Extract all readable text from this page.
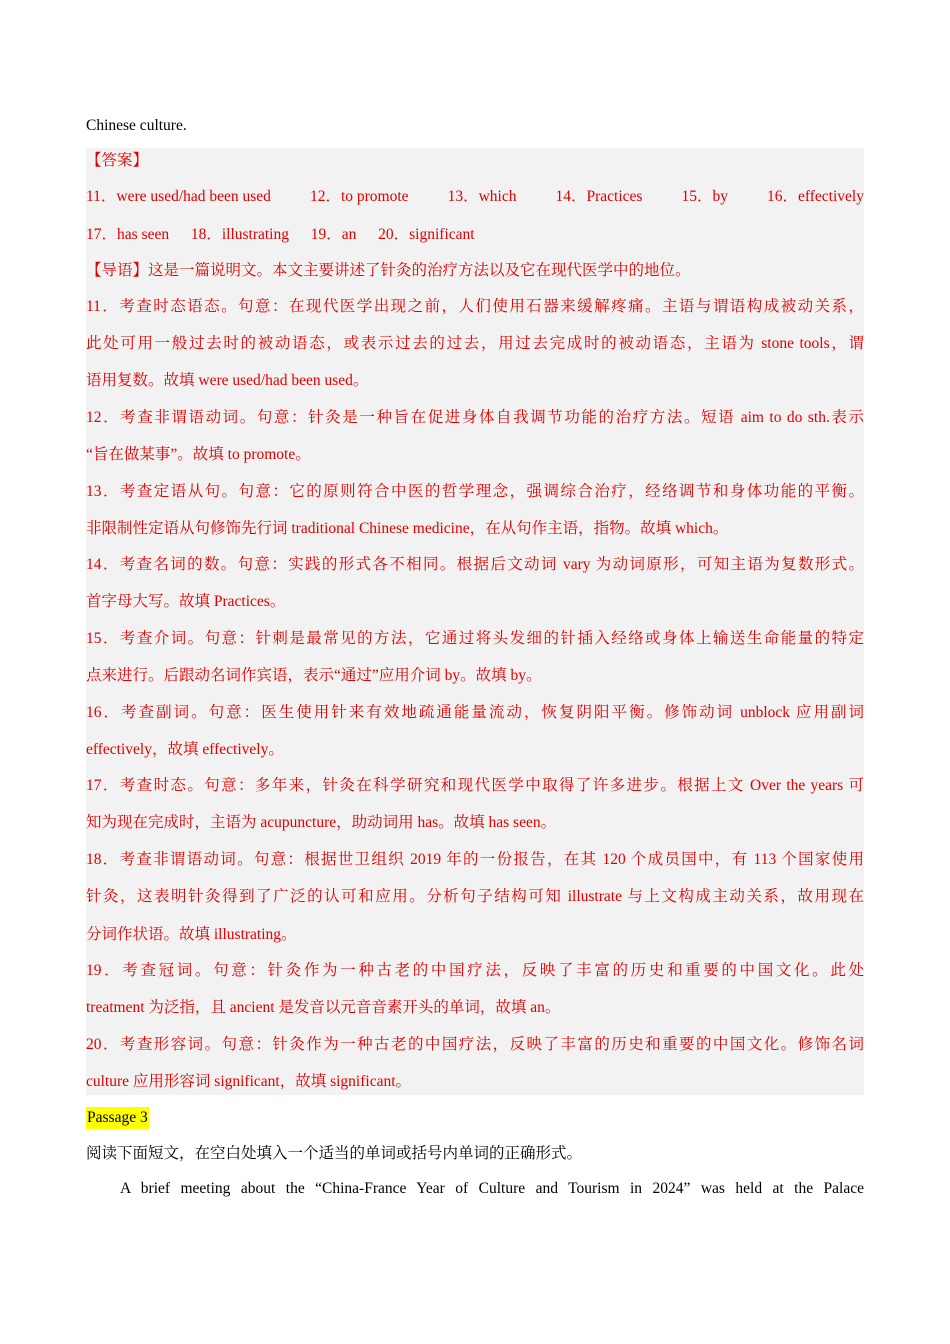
Chinese culture.
【答案】
11．were used/had been used	12．to promote	13．which	14．Practices	15．by	16．effectively
17．has seen 18．illustrating 19．an 20．significant
【导语】这是一篇说明文。本文主要讲述了针灸的治疗方法以及它在现代医学中的地位。
11．考查时态语态。句意：在现代医学出现之前，人们使用石器来缓解疼痛。主语与谓语构成被动关系，
此处可用一般过去时的被动语态，或表示过去的过去，用过去完成时的被动语态，主语为 stone tools，谓
语用复数。故填 were used/had been used。
12．考查非谓语动词。句意：针灸是一种旨在促进身体自我调节功能的治疗方法。短语 aim to do sth.表示
“旨在做某事”。故填 to promote。
13．考查定语从句。句意：它的原则符合中医的哲学理念，强调综合治疗，经络调节和身体功能的平衡。
非限制性定语从句修饰先行词 traditional Chinese medicine，在从句作主语，指物。故填 which。
14．考查名词的数。句意：实践的形式各不相同。根据后文动词 vary 为动词原形，可知主语为复数形式。
首字母大写。故填 Practices。
15．考查介词。句意：针刺是最常见的方法，它通过将头发细的针插入经络或身体上输送生命能量的特定
点来进行。后跟动名词作宾语，表示“通过”应用介词 by。故填 by。
16．考查副词。句意：医生使用针来有效地疏通能量流动，恢复阴阳平衡。修饰动词 unblock 应用副词
effectively，故填 effectively。
17．考查时态。句意：多年来，针灸在科学研究和现代医学中取得了许多进步。根据上文 Over the years 可
知为现在完成时，主语为 acupuncture，助动词用 has。故填 has seen。
18．考查非谓语动词。句意：根据世卫组织 2019 年的一份报告，在其 120 个成员国中，有 113 个国家使用
针灸，这表明针灸得到了广泛的认可和应用。分析句子结构可知 illustrate 与上文构成主动关系，故用现在
分词作状语。故填 illustrating。
19．考查冠词。句意：针灸作为一种古老的中国疗法，反映了丰富的历史和重要的中国文化。此处
treatment 为泛指，且 ancient 是发音以元音音素开头的单词，故填 an。
20．考查形容词。句意：针灸作为一种古老的中国疗法，反映了丰富的历史和重要的中国文化。修饰名词
culture 应用形容词 significant，故填 significant。
Passage 3
阅读下面短文，在空白处填入一个适当的单词或括号内单词的正确形式。
A brief meeting about the “China-France Year of Culture and Tourism in 2024” was held at the Palace
